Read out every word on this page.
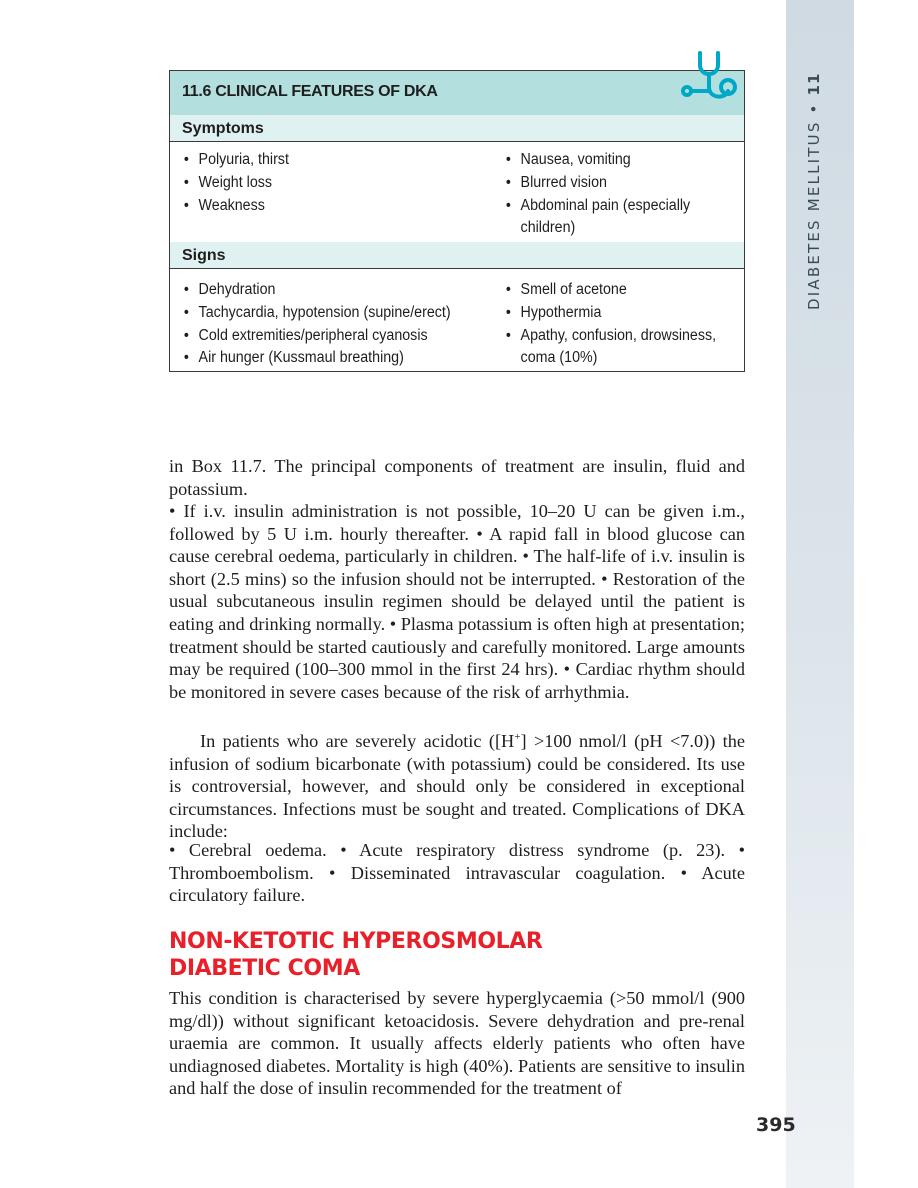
DIABETES MELLITUS • 11
11.6 CLINICAL FEATURES OF DKA
Symptoms
• Polyuria, thirst
• Weight loss
• Weakness
• Nausea, vomiting
• Blurred vision
• Abdominal pain (especially
children)
Signs
• Dehydration
• Tachycardia, hypotension (supine/erect)
• Cold extremities/peripheral cyanosis
• Air hunger (Kussmaul breathing)
• Smell of acetone
• Hypothermia
• Apathy, confusion, drowsiness,
coma (10%)

in Box 11.7. The principal components of treatment are insulin, fluid and potassium.

• If i.v. insulin administration is not possible, 10–20 U can be given i.m., followed by 5 U i.m. hourly thereafter. • A rapid fall in blood glucose can cause cerebral oedema, particularly in children. • The half-life of i.v. insulin is short (2.5 mins) so the infusion should not be interrupted. • Restoration of the usual subcutaneous insulin regimen should be delayed until the patient is eating and drinking normally. • Plasma potassium is often high at presentation; treatment should be started cautiously and carefully monitored. Large amounts may be required (100–300 mmol in the first 24 hrs). • Cardiac rhythm should be monitored in severe cases because of the risk of arrhythmia.

In patients who are severely acidotic ([H+] >100 nmol/l (pH <7.0)) the infusion of sodium bicarbonate (with potassium) could be considered. Its use is controversial, however, and should only be considered in exceptional circumstances. Infections must be sought and treated. Complications of DKA include:

• Cerebral oedema. • Acute respiratory distress syndrome (p. 23). • Thromboembolism. • Disseminated intravascular coagulation. • Acute circulatory failure.

NON-KETOTIC HYPEROSMOLAR
DIABETIC COMA

This condition is characterised by severe hyperglycaemia (>50 mmol/l (900 mg/dl)) without significant ketoacidosis. Severe dehydration and pre-renal uraemia are common. It usually affects elderly patients who often have undiagnosed diabetes. Mortality is high (40%). Patients are sensitive to insulin and half the dose of insulin recommended for the treatment of

395
